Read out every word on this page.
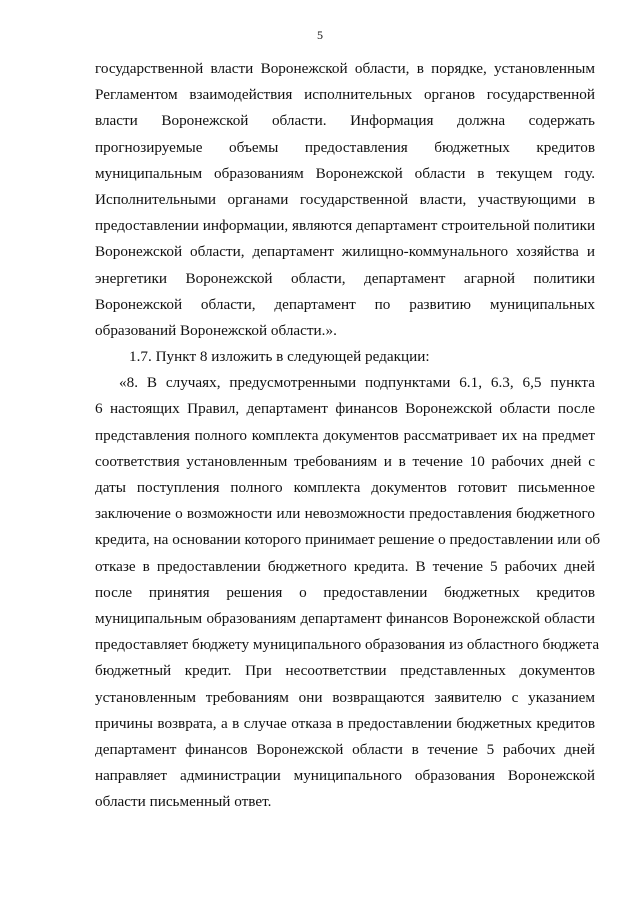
5
государственной власти Воронежской области, в порядке, установленным
Регламентом взаимодействия исполнительных органов государственной
власти Воронежской области. Информация должна содержать
прогнозируемые объемы предоставления бюджетных кредитов
муниципальным образованиям Воронежской области в текущем году.
Исполнительными органами государственной власти, участвующими в
предоставлении информации, являются департамент строительной политики
Воронежской области, департамент жилищно-коммунального хозяйства и
энергетики Воронежской области, департамент агарной политики
Воронежской области, департамент по развитию муниципальных
образований Воронежской области.».
1.7. Пункт 8 изложить в следующей редакции:
«8. В случаях, предусмотренными подпунктами 6.1, 6.3, 6,5 пункта
6 настоящих Правил, департамент финансов Воронежской области после
представления полного комплекта документов рассматривает их на предмет
соответствия установленным требованиям и в течение 10 рабочих дней с
даты поступления полного комплекта документов готовит письменное
заключение о возможности или невозможности предоставления бюджетного
кредита, на основании которого принимает решение о предоставлении или об
отказе в предоставлении бюджетного кредита. В течение 5 рабочих дней
после принятия решения о предоставлении бюджетных кредитов
муниципальным образованиям департамент финансов Воронежской области
предоставляет бюджету муниципального образования из областного бюджета
бюджетный кредит. При несоответствии представленных документов
установленным требованиям они возвращаются заявителю с указанием
причины возврата, а в случае отказа в предоставлении бюджетных кредитов
департамент финансов Воронежской области в течение 5 рабочих дней
направляет администрации муниципального образования Воронежской
области письменный ответ.
